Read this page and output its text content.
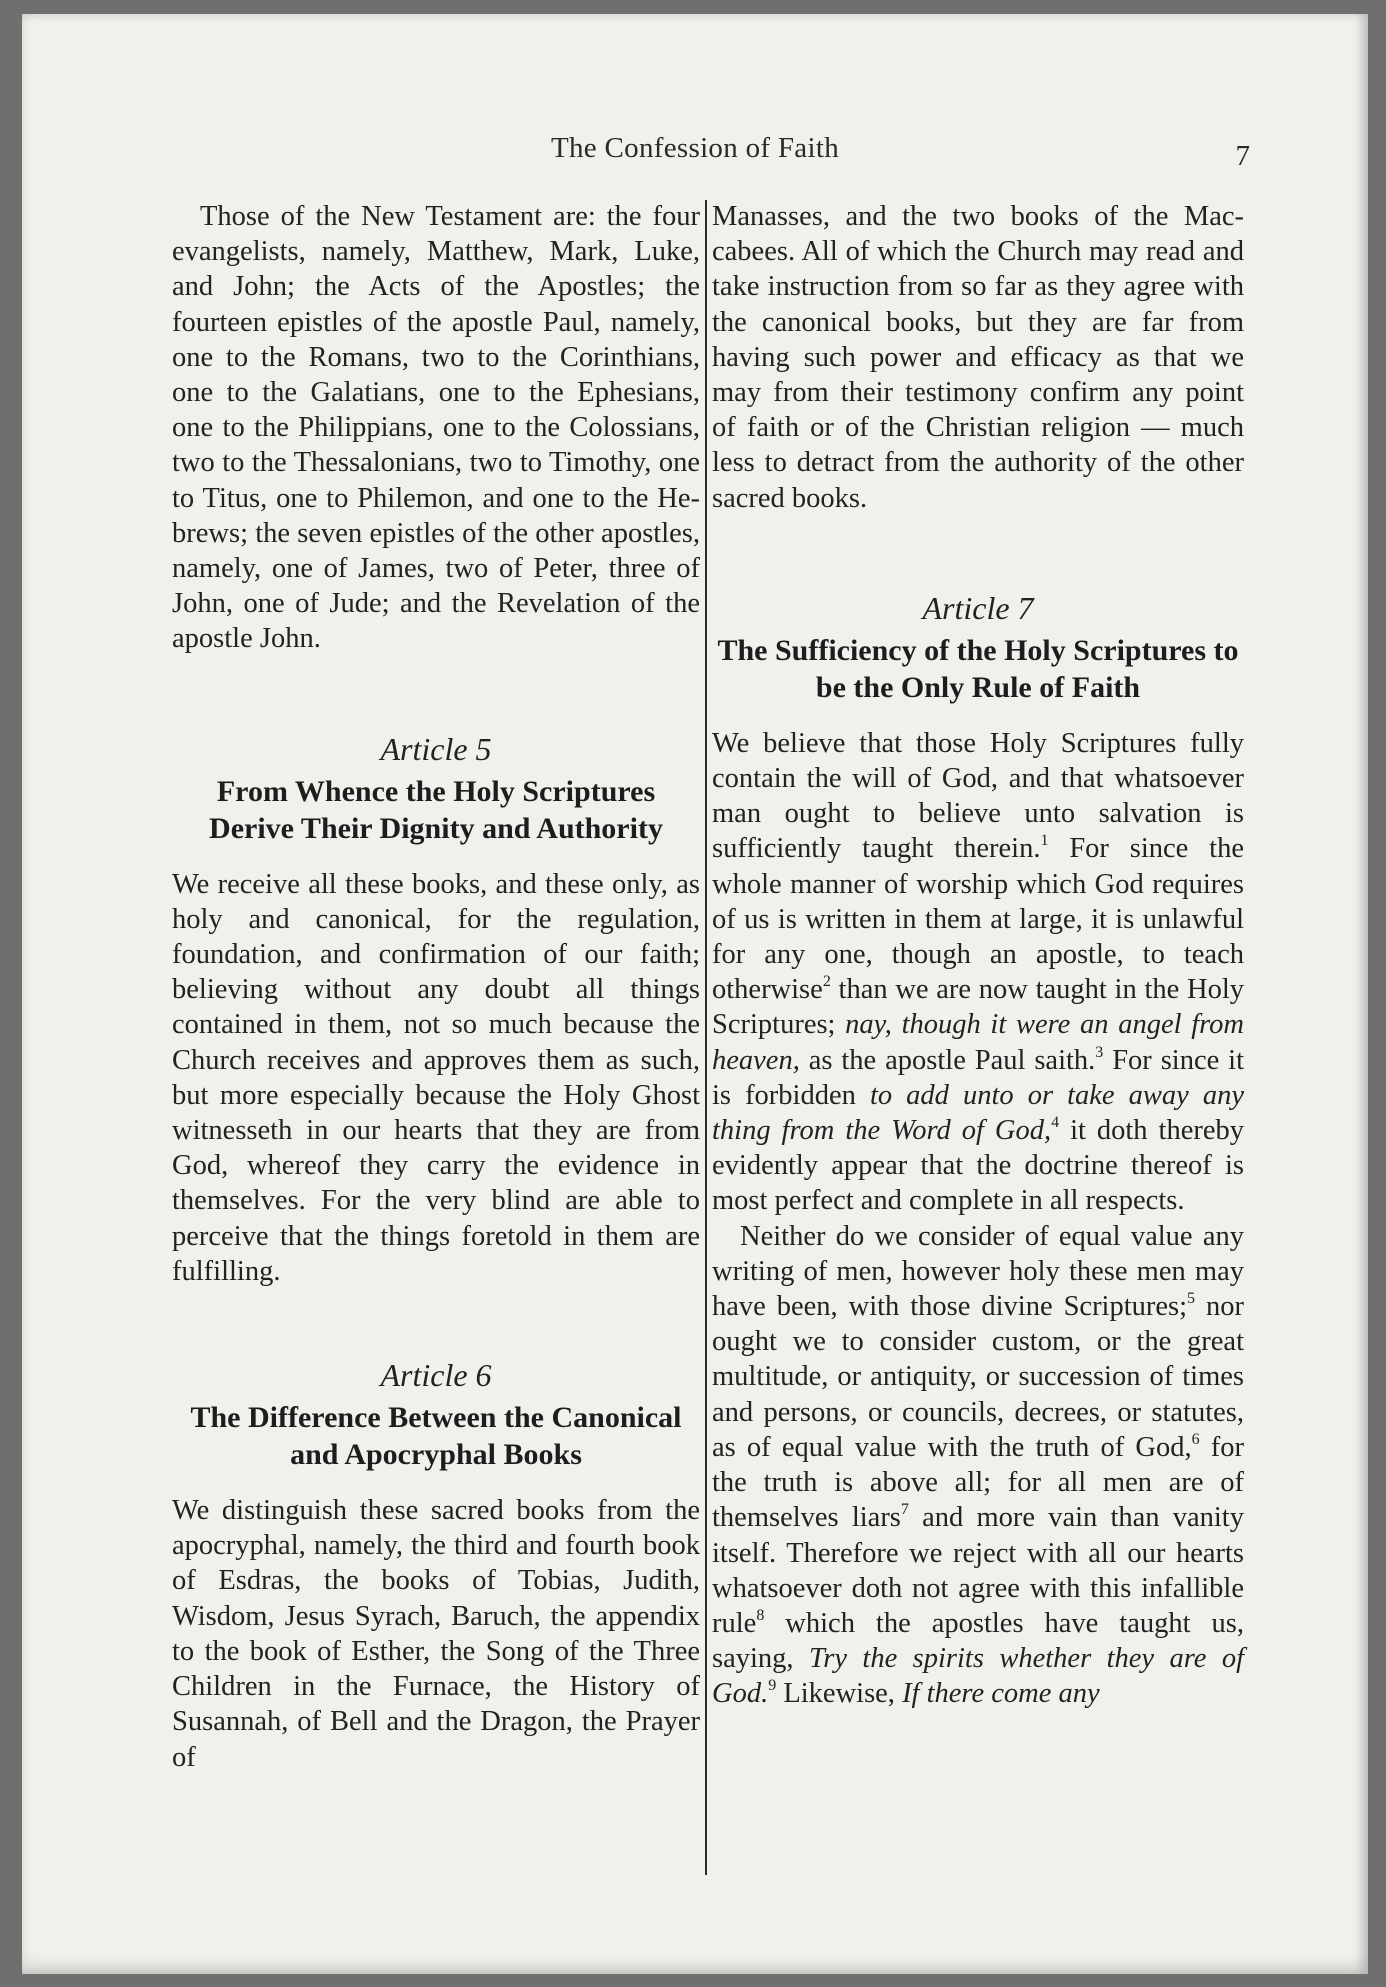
The Confession of Faith	7

Those of the New Testament are: the four evangelists, namely, Matthew, Mark, Luke, and John; the Acts of the Apostles; the fourteen epistles of the apostle Paul, namely, one to the Romans, two to the Corinthians, one to the Galatians, one to the Ephesians, one to the Philippians, one to the Colossians, two to the Thessalonians, two to Timothy, one to Titus, one to Philemon, and one to the Hebrews; the seven epistles of the other apostles, namely, one of James, two of Peter, three of John, one of Jude; and the Revelation of the apostle John.

Article 5
From Whence the Holy Scriptures Derive Their Dignity and Authority

We receive all these books, and these only, as holy and canonical, for the regulation, foundation, and confirmation of our faith; believing without any doubt all things contained in them, not so much because the Church receives and approves them as such, but more especially because the Holy Ghost witnesseth in our hearts that they are from God, whereof they carry the evidence in themselves. For the very blind are able to perceive that the things foretold in them are fulfilling.

Article 6
The Difference Between the Canonical and Apocryphal Books

We distinguish these sacred books from the apocryphal, namely, the third and fourth book of Esdras, the books of Tobias, Judith, Wisdom, Jesus Syrach, Baruch, the appendix to the book of Esther, the Song of the Three Children in the Furnace, the History of Susannah, of Bell and the Dragon, the Prayer of

Manasses, and the two books of the Maccabees. All of which the Church may read and take instruction from so far as they agree with the canonical books, but they are far from having such power and efficacy as that we may from their testimony confirm any point of faith or of the Christian religion — much less to detract from the authority of the other sacred books.

Article 7
The Sufficiency of the Holy Scriptures to be the Only Rule of Faith

We believe that those Holy Scriptures fully contain the will of God, and that whatsoever man ought to believe unto salvation is sufficiently taught therein.$^1$ For since the whole manner of worship which God requires of us is written in them at large, it is unlawful for any one, though an apostle, to teach otherwise$^2$ than we are now taught in the Holy Scriptures; nay, though it were an angel from heaven, as the apostle Paul saith.$^3$ For since it is forbidden to add unto or take away any thing from the Word of God,$^4$ it doth thereby evidently appear that the doctrine thereof is most perfect and complete in all respects.

Neither do we consider of equal value any writing of men, however holy these men may have been, with those divine Scriptures;$^5$ nor ought we to consider custom, or the great multitude, or antiquity, or succession of times and persons, or councils, decrees, or statutes, as of equal value with the truth of God,$^6$ for the truth is above all; for all men are of themselves liars$^7$ and more vain than vanity itself. Therefore we reject with all our hearts whatsoever doth not agree with this infallible rule$^8$ which the apostles have taught us, saying, Try the spirits whether they are of God.$^9$ Likewise, If there come any
